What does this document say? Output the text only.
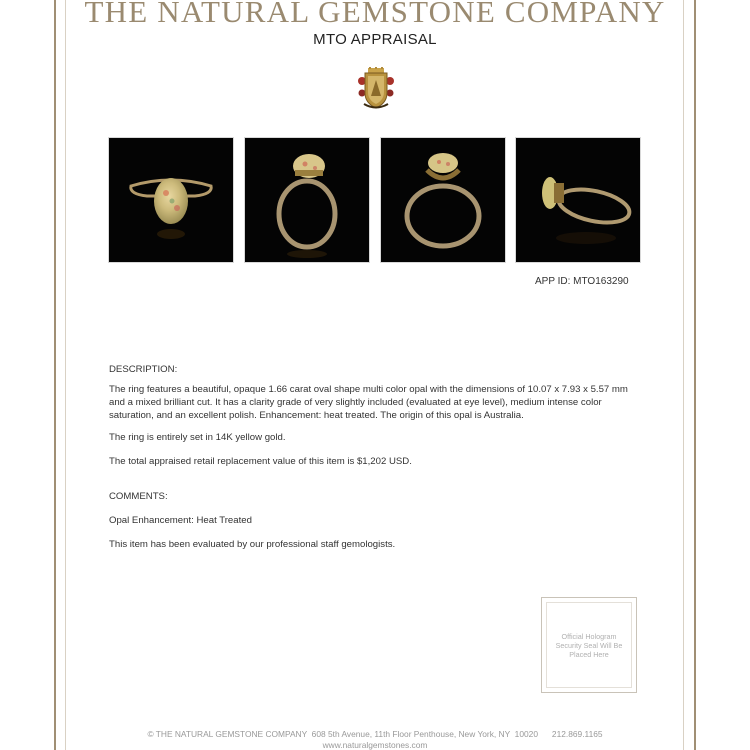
THE NATURAL GEMSTONE COMPANY
MTO APPRAISAL
APP ID: MTO163290
DESCRIPTION:
The ring features a beautiful, opaque 1.66 carat oval shape multi color opal with the dimensions of 10.07 x 7.93 x 5.57 mm and a mixed brilliant cut. It has a clarity grade of very slightly included (evaluated at eye level), medium intense color saturation, and an excellent polish. Enhancement: heat treated. The origin of this opal is Australia.
The ring is entirely set in 14K yellow gold.
The total appraised retail replacement value of this item is $1,202 USD.
COMMENTS:
Opal Enhancement: Heat Treated
This item has been evaluated by our professional staff gemologists.
Official Hologram Security Seal Will Be Placed Here
© THE NATURAL GEMSTONE COMPANY  608 5th Avenue, 11th Floor Penthouse, New York, NY  10020      212.869.1165
www.naturalgemstones.com
